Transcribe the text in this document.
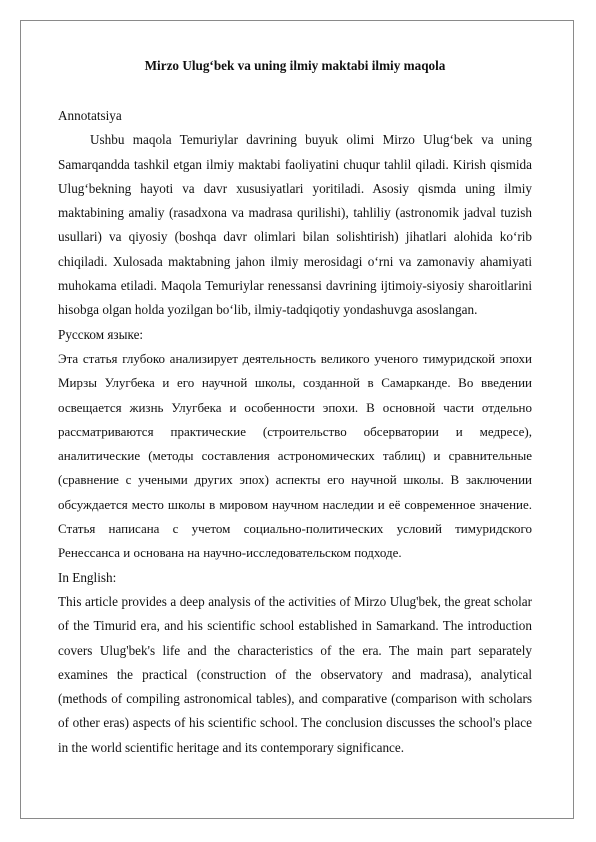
Mirzo Ulug‘bek va uning ilmiy maktabi ilmiy maqola

Annotatsiya

Ushbu maqola Temuriylar davrining buyuk olimi Mirzo Ulug‘bek va uning Samarqandda tashkil etgan ilmiy maktabi faoliyatini chuqur tahlil qiladi. Kirish qismida Ulug‘bekning hayoti va davr xususiyatlari yoritiladi. Asosiy qismda uning ilmiy maktabining amaliy (rasadxona va madrasa qurilishi), tahliliy (astronomik jadval tuzish usullari) va qiyosiy (boshqa davr olimlari bilan solishtirish) jihatlari alohida ko‘rib chiqiladi. Xulosada maktabning jahon ilmiy merosidagi o‘rni va zamonaviy ahamiyati muhokama etiladi. Maqola Temuriylar renessansi davrining ijtimoiy-siyosiy sharoitlarini hisobga olgan holda yozilgan bo‘lib, ilmiy-tadqiqotiy yondashuvga asoslangan.

Русском языке:

Эта статья глубоко анализирует деятельность великого ученого тимуридской эпохи Мирзы Улугбека и его научной школы, созданной в Самарканде. Во введении освещается жизнь Улугбека и особенности эпохи. В основной части отдельно рассматриваются практические (строительство обсерватории и медресе), аналитические (методы составления астрономических таблиц) и сравнительные (сравнение с учеными других эпох) аспекты его научной школы. В заключении обсуждается место школы в мировом научном наследии и её современное значение. Статья написана с учетом социально-политических условий тимуридского Ренессанса и основана на научно-исследовательском подходе.

In English:

This article provides a deep analysis of the activities of Mirzo Ulug'bek, the great scholar of the Timurid era, and his scientific school established in Samarkand. The introduction covers Ulug'bek's life and the characteristics of the era. The main part separately examines the practical (construction of the observatory and madrasa), analytical (methods of compiling astronomical tables), and comparative (comparison with scholars of other eras) aspects of his scientific school. The conclusion discusses the school's place in the world scientific heritage and its contemporary significance.
